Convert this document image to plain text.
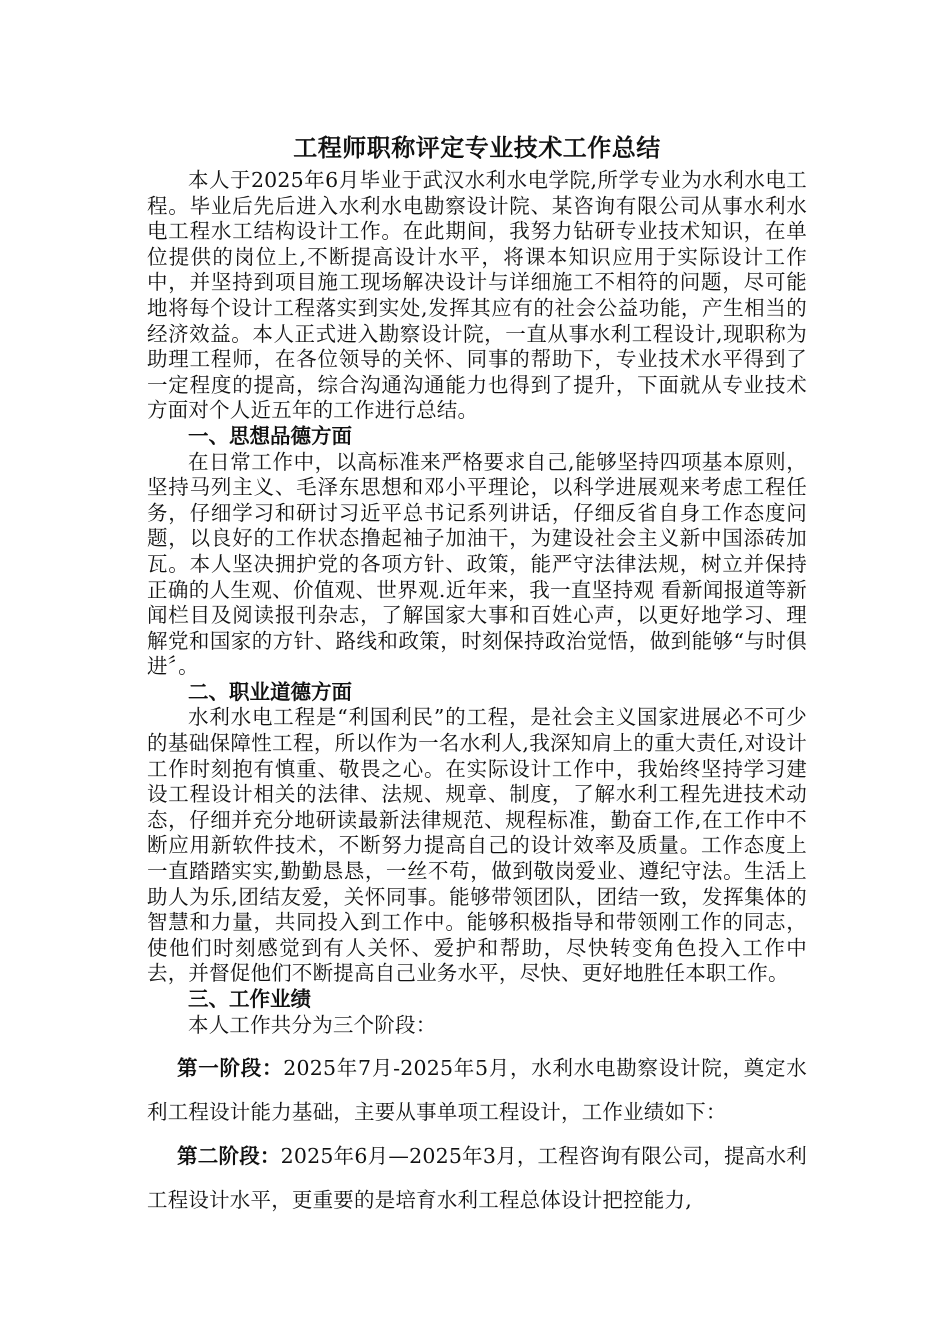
工程师职称评定专业技术工作总结

本人于2025年6月毕业于武汉水利水电学院,所学专业为水利水电工程。毕业后先后进入水利水电勘察设计院、某咨询有限公司从事水利水电工程水工结构设计工作。在此期间，我努力钻研专业技术知识，在单位提供的岗位上,不断提高设计水平，将课本知识应用于实际设计工作中，并坚持到项目施工现场解决设计与详细施工不相符的问题，尽可能地将每个设计工程落实到实处,发挥其应有的社会公益功能，产生相当的经济效益。本人正式进入勘察设计院，一直从事水利工程设计,现职称为助理工程师，在各位领导的关怀、同事的帮助下，专业技术水平得到了一定程度的提高，综合沟通沟通能力也得到了提升，下面就从专业技术方面对个人近五年的工作进行总结。

一、思想品德方面

在日常工作中，以高标准来严格要求自己,能够坚持四项基本原则，坚持马列主义、毛泽东思想和邓小平理论，以科学进展观来考虑工程任务，仔细学习和研讨习近平总书记系列讲话，仔细反省自身工作态度问题，以良好的工作状态撸起袖子加油干，为建设社会主义新中国添砖加瓦。本人坚决拥护党的各项方针、政策，能严守法律法规，树立并保持正确的人生观、价值观、世界观.近年来，我一直坚持观 看新闻报道等新闻栏目及阅读报刊杂志，了解国家大事和百姓心声，以更好地学习、理解党和国家的方针、路线和政策，时刻保持政治觉悟，做到能够“与时俱进〞。

二、职业道德方面

水利水电工程是“利国利民”的工程，是社会主义国家进展必不可少的基础保障性工程，所以作为一名水利人,我深知肩上的重大责任,对设计工作时刻抱有慎重、敬畏之心。在实际设计工作中，我始终坚持学习建设工程设计相关的法律、法规、规章、制度，了解水利工程先进技术动态，仔细并充分地研读最新法律规范、规程标准，勤奋工作,在工作中不断应用新软件技术，不断努力提高自己的设计效率及质量。工作态度上一直踏踏实实,勤勤恳恳，一丝不苟，做到敬岗爱业、遵纪守法。生活上助人为乐,团结友爱，关怀同事。能够带领团队，团结一致，发挥集体的智慧和力量，共同投入到工作中。能够积极指导和带领刚工作的同志，使他们时刻感觉到有人关怀、爱护和帮助，尽快转变角色投入工作中去，并督促他们不断提高自己业务水平，尽快、更好地胜任本职工作。

三、工作业绩

本人工作共分为三个阶段：

第一阶段：2025年7月-2025年5月，水利水电勘察设计院，奠定水利工程设计能力基础，主要从事单项工程设计，工作业绩如下：

第二阶段：2025年6月—2025年3月，工程咨询有限公司，提高水利工程设计水平，更重要的是培育水利工程总体设计把控能力,
